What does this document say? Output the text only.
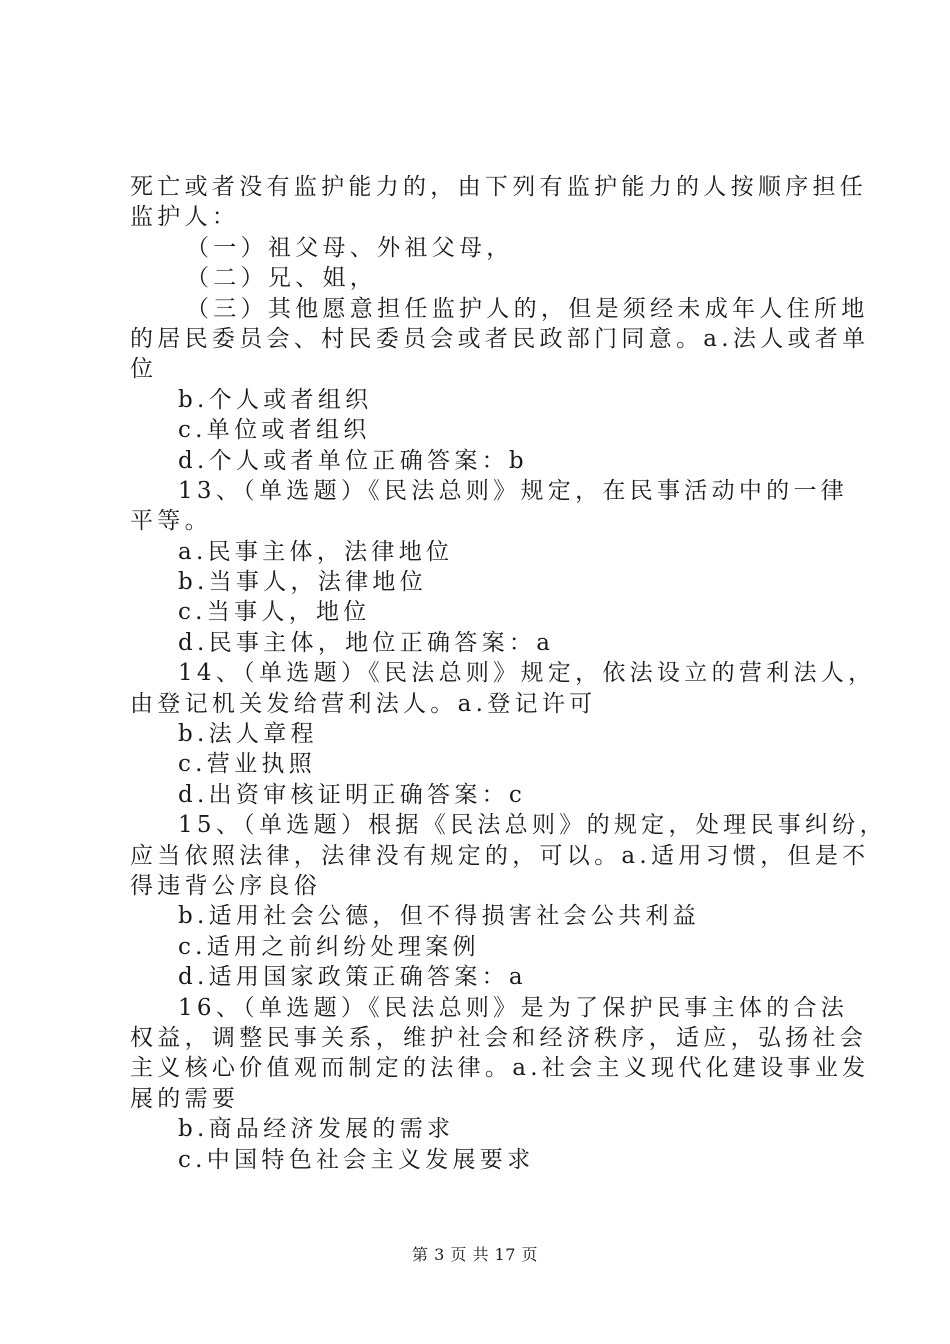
死亡或者没有监护能力的，由下列有监护能力的人按顺序担任
监护人：
（一）祖父母、外祖父母，
（二）兄、姐，
（三）其他愿意担任监护人的，但是须经未成年人住所地
的居民委员会、村民委员会或者民政部门同意。a.法人或者单
位
b.个人或者组织
c.单位或者组织
d.个人或者单位正确答案：b
13、（单选题）《民法总则》规定，在民事活动中的一律
平等。
a.民事主体，法律地位
b.当事人，法律地位
c.当事人，地位
d.民事主体，地位正确答案：a
14、（单选题）《民法总则》规定，依法设立的营利法人，
由登记机关发给营利法人。a.登记许可
b.法人章程
c.营业执照
d.出资审核证明正确答案：c
15、（单选题）根据《民法总则》的规定，处理民事纠纷，
应当依照法律，法律没有规定的，可以。a.适用习惯，但是不
得违背公序良俗
b.适用社会公德，但不得损害社会公共利益
c.适用之前纠纷处理案例
d.适用国家政策正确答案：a
16、（单选题）《民法总则》是为了保护民事主体的合法
权益，调整民事关系，维护社会和经济秩序，适应，弘扬社会
主义核心价值观而制定的法律。a.社会主义现代化建设事业发
展的需要
b.商品经济发展的需求
c.中国特色社会主义发展要求
第 3 页 共 17 页
